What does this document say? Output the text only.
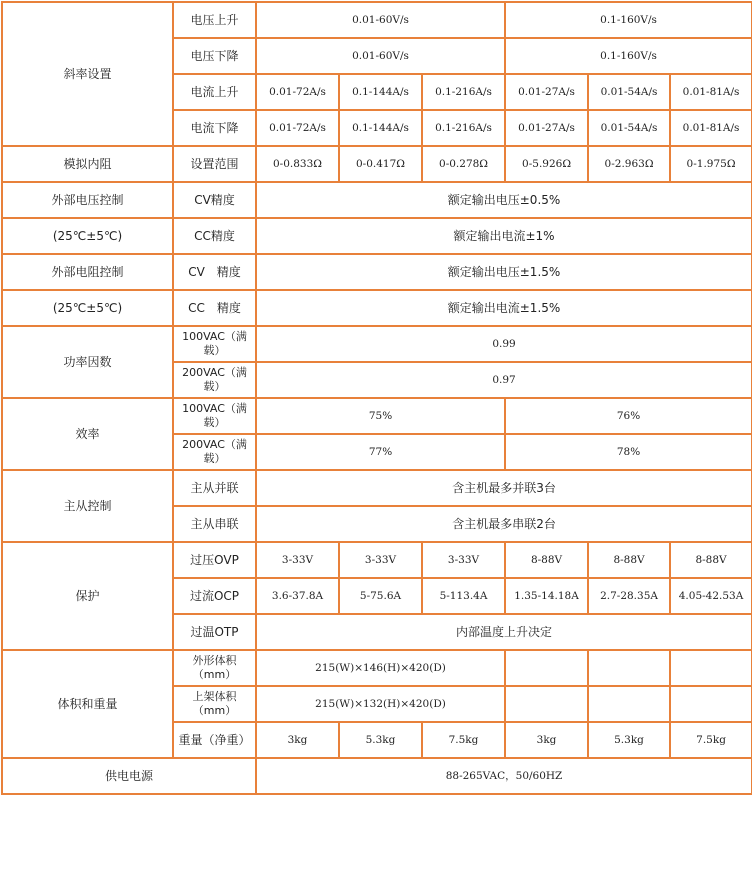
斜率设置	电压上升	0.01-60V/s			0.1-160V/s		
	电压下降	0.01-60V/s			0.1-160V/s		
	电流上升	0.01-72A/s	0.1-144A/s	0.1-216A/s	0.01-27A/s	0.01-54A/s	0.01-81A/s
	电流下降	0.01-72A/s	0.1-144A/s	0.1-216A/s	0.01-27A/s	0.01-54A/s	0.01-81A/s
模拟内阻	设置范围	0-0.833Ω	0-0.417Ω	0-0.278Ω	0-5.926Ω	0-2.963Ω	0-1.975Ω
外部电压控制	CV精度	额定输出电压±0.5%					
(25℃±5℃)	CC精度	额定输出电流±1%					
外部电阻控制	CV　精度	额定输出电压±1.5%					
(25℃±5℃)	CC　精度	额定输出电流±1.5%					
功率因数	100VAC（满载）	0.99					
	200VAC（满载）	0.97					
效率	100VAC（满载）	75%			76%		
	200VAC（满载）	77%			78%		
主从控制	主从并联	含主机最多并联3台					
	主从串联	含主机最多串联2台					
保护	过压OVP	3-33V	3-33V	3-33V	8-88V	8-88V	8-88V
	过流OCP	3.6-37.8A	5-75.6A	5-113.4A	1.35-14.18A	2.7-28.35A	4.05-42.53A
	过温OTP	内部温度上升决定					
体积和重量	外形体积（mm）	215(W)×146(H)×420(D)					
	上架体积（mm）	215(W)×132(H)×420(D)					
	重量（净重）	3kg	5.3kg	7.5kg	3kg	5.3kg	7.5kg
供电电源		88-265VAC，50/60HZ					
